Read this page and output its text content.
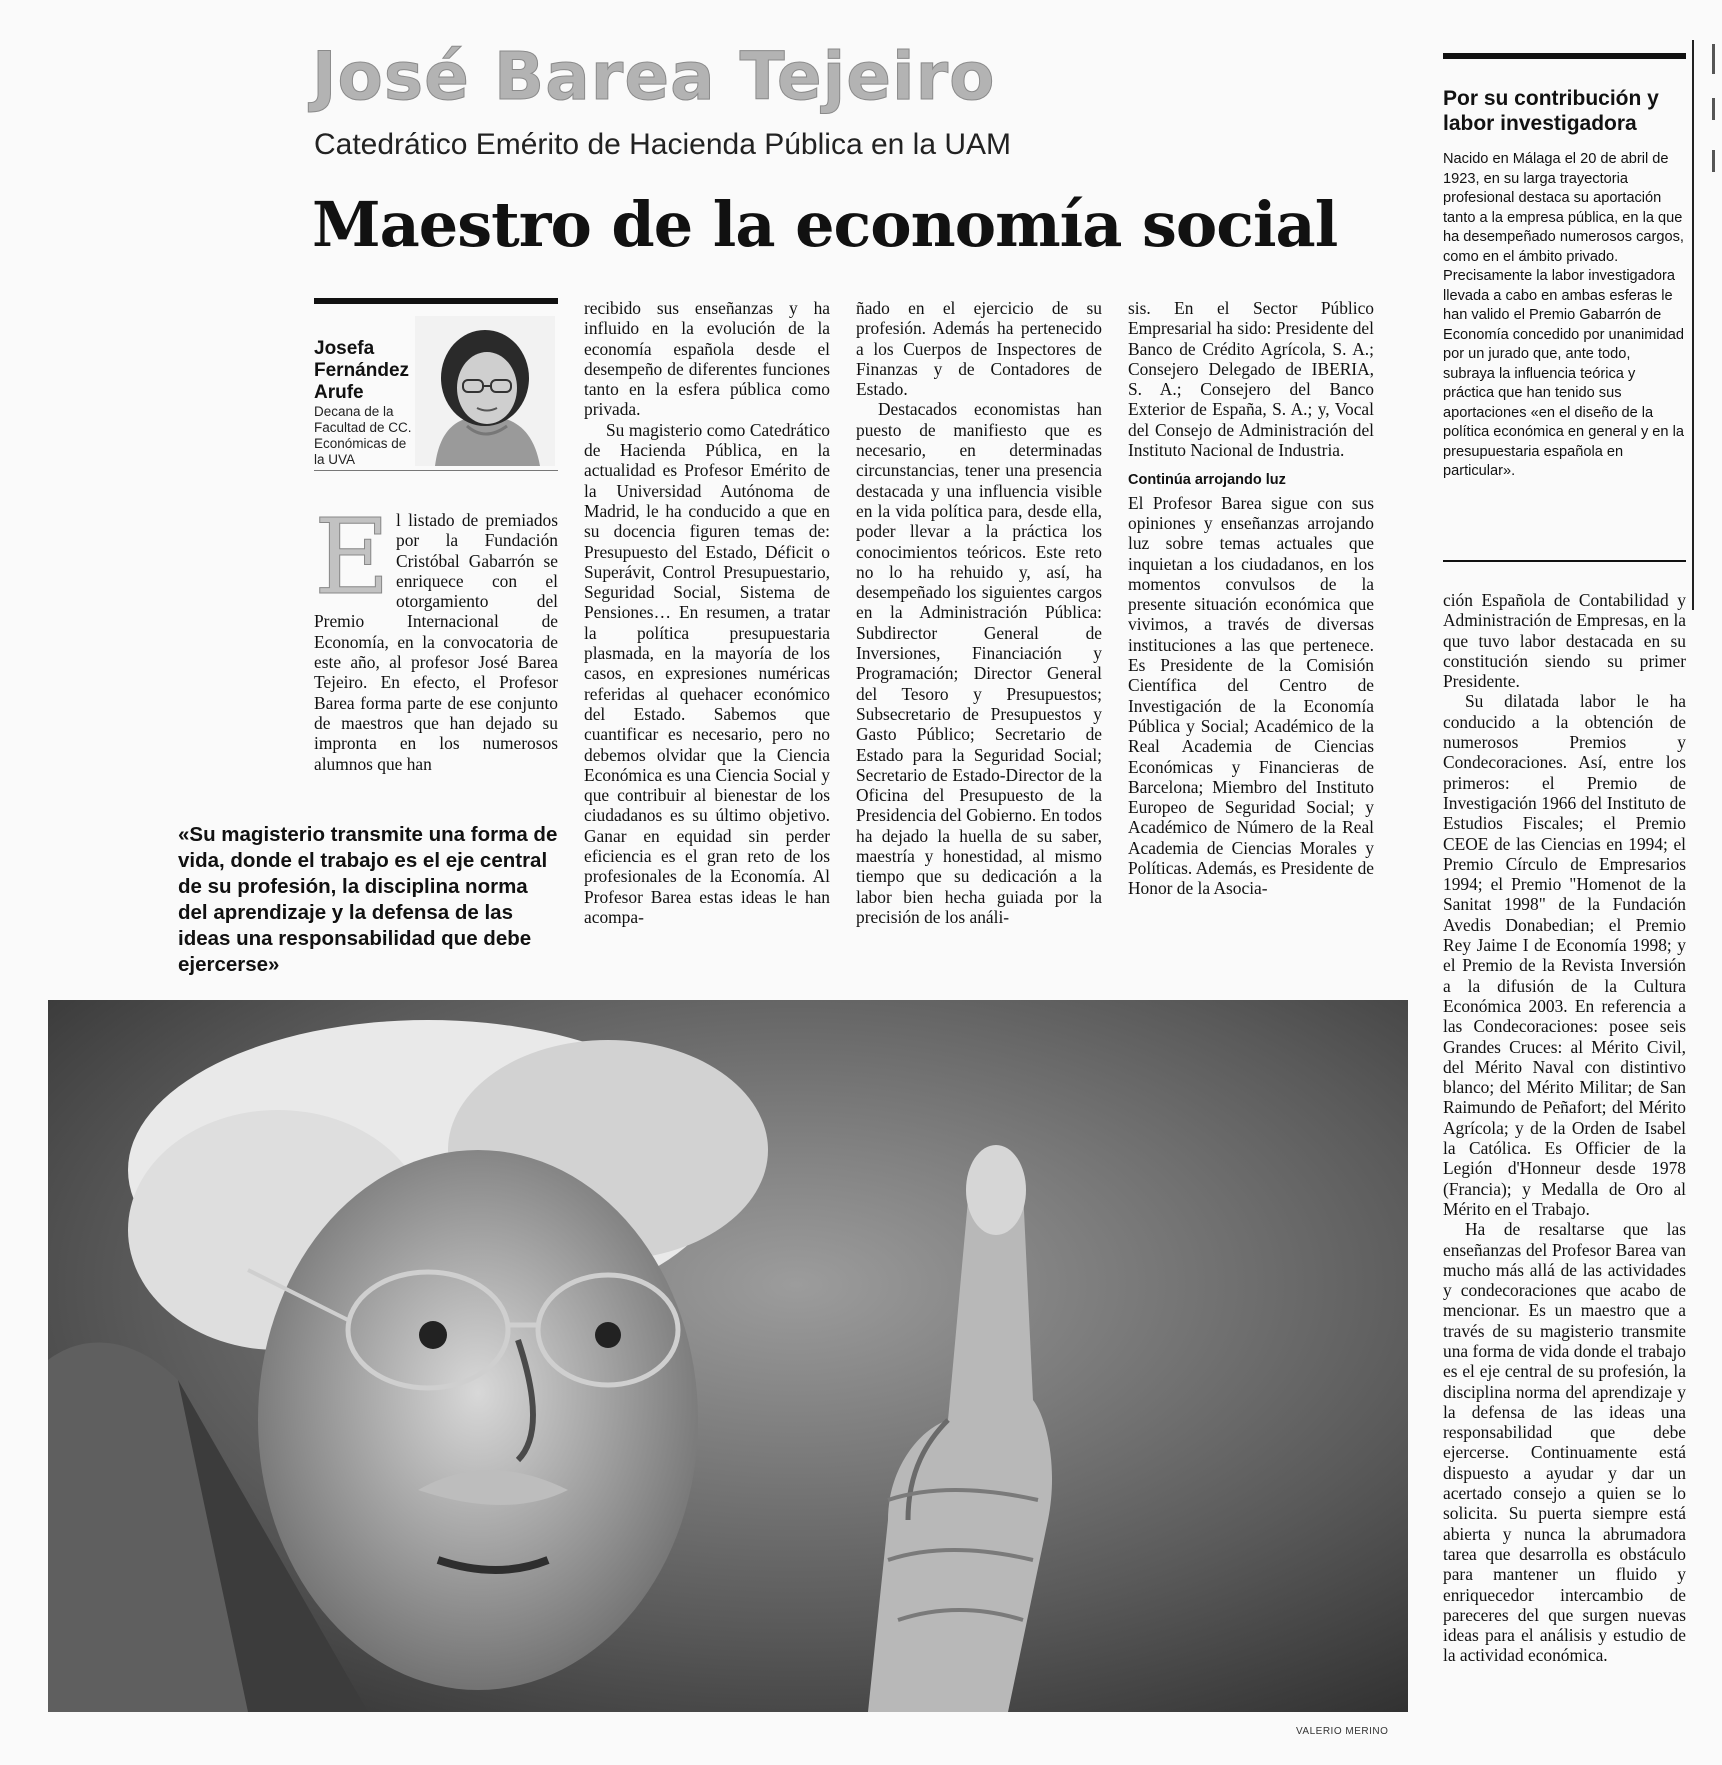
José Barea Tejeiro
Catedrático Emérito de Hacienda Pública en la UAM
Maestro de la economía social
Josefa
Fernández
Arufe
Decana de la Facultad de CC. Económicas de la UVA
E l listado de premiados por la Fundación Cristóbal Gabarrón se enriquece con el otorgamiento del Premio Internacional de Economía, en la convocatoria de este año, al profesor José Barea Tejeiro. En efecto, el Profesor Barea forma parte de ese conjunto de maestros que han dejado su impronta en los numerosos alumnos que han

recibido sus enseñanzas y ha influido en la evolución de la economía española desde el desempeño de diferentes funciones tanto en la esfera pública como privada.

Su magisterio como Catedrático de Hacienda Pública, en la actualidad es Profesor Emérito de la Universidad Autónoma de Madrid, le ha conducido a que en su docencia figuren temas de: Presupuesto del Estado, Déficit o Superávit, Control Presupuestario, Seguridad Social, Sistema de Pensiones… En resumen, a tratar la política presupuestaria plasmada, en la mayoría de los casos, en expresiones numéricas referidas al quehacer económico del Estado. Sabemos que cuantificar es necesario, pero no debemos olvidar que la Ciencia Económica es una Ciencia Social y que contribuir al bienestar de los ciudadanos es su último objetivo. Ganar en equidad sin perder eficiencia es el gran reto de los profesionales de la Economía. Al Profesor Barea estas ideas le han acompa-

ñado en el ejercicio de su profesión. Además ha pertenecido a los Cuerpos de Inspectores de Finanzas y de Contadores de Estado.

Destacados economistas han puesto de manifiesto que es necesario, en determinadas circunstancias, tener una presencia destacada y una influencia visible en la vida política para, desde ella, poder llevar a la práctica los conocimientos teóricos. Este reto no lo ha rehuido y, así, ha desempeñado los siguientes cargos en la Administración Pública: Subdirector General de Inversiones, Financiación y Programación; Director General del Tesoro y Presupuestos; Subsecretario de Presupuestos y Gasto Público; Secretario de Estado para la Seguridad Social; Secretario de Estado-Director de la Oficina del Presupuesto de la Presidencia del Gobierno. En todos ha dejado la huella de su saber, maestría y honestidad, al mismo tiempo que su dedicación a la labor bien hecha guiada por la precisión de los análi-

sis. En el Sector Público Empresarial ha sido: Presidente del Banco de Crédito Agrícola, S. A.; Consejero Delegado de IBERIA, S. A.; Consejero del Banco Exterior de España, S. A.; y, Vocal del Consejo de Administración del Instituto Nacional de Industria.

Continúa arrojando luz

El Profesor Barea sigue con sus opiniones y enseñanzas arrojando luz sobre temas actuales que inquietan a los ciudadanos, en los momentos convulsos de la presente situación económica que vivimos, a través de diversas instituciones a las que pertenece. Es Presidente de la Comisión Científica del Centro de Investigación de la Economía Pública y Social; Académico de la Real Academia de Ciencias Económicas y Financieras de Barcelona; Miembro del Instituto Europeo de Seguridad Social; y Académico de Número de la Real Academia de Ciencias Morales y Políticas. Además, es Presidente de Honor de la Asocia-

«Su magisterio transmite una forma de vida, donde el trabajo es el eje central de su profesión, la disciplina norma del aprendizaje y la defensa de las ideas una responsabilidad que debe ejercerse»
VALERIO MERINO
Por su contribución y labor investigadora
Nacido en Málaga el 20 de abril de 1923, en su larga trayectoria profesional destaca su aportación tanto a la empresa pública, en la que ha desempeñado numerosos cargos, como en el ámbito privado. Precisamente la labor investigadora llevada a cabo en ambas esferas le han valido el Premio Gabarrón de Economía concedido por unanimidad por un jurado que, ante todo, subraya la influencia teórica y práctica que han tenido sus aportaciones «en el diseño de la política económica en general y en la presupuestaria española en particular».

ción Española de Contabilidad y Administración de Empresas, en la que tuvo labor destacada en su constitución siendo su primer Presidente.

Su dilatada labor le ha conducido a la obtención de numerosos Premios y Condecoraciones. Así, entre los primeros: el Premio de Investigación 1966 del Instituto de Estudios Fiscales; el Premio CEOE de las Ciencias en 1994; el Premio Círculo de Empresarios 1994; el Premio "Homenot de la Sanitat 1998" de la Fundación Avedis Donabedian; el Premio Rey Jaime I de Economía 1998; y el Premio de la Revista Inversión a la difusión de la Cultura Económica 2003. En referencia a las Condecoraciones: posee seis Grandes Cruces: al Mérito Civil, del Mérito Naval con distintivo blanco; del Mérito Militar; de San Raimundo de Peñafort; del Mérito Agrícola; y de la Orden de Isabel la Católica. Es Officier de la Legión d'Honneur desde 1978 (Francia); y Medalla de Oro al Mérito en el Trabajo.

Ha de resaltarse que las enseñanzas del Profesor Barea van mucho más allá de las actividades y condecoraciones que acabo de mencionar. Es un maestro que a través de su magisterio transmite una forma de vida donde el trabajo es el eje central de su profesión, la disciplina norma del aprendizaje y la defensa de las ideas una responsabilidad que debe ejercerse. Continuamente está dispuesto a ayudar y dar un acertado consejo a quien se lo solicita. Su puerta siempre está abierta y nunca la abrumadora tarea que desarrolla es obstáculo para mantener un fluido y enriquecedor intercambio de pareceres del que surgen nuevas ideas para el análisis y estudio de la actividad económica.
